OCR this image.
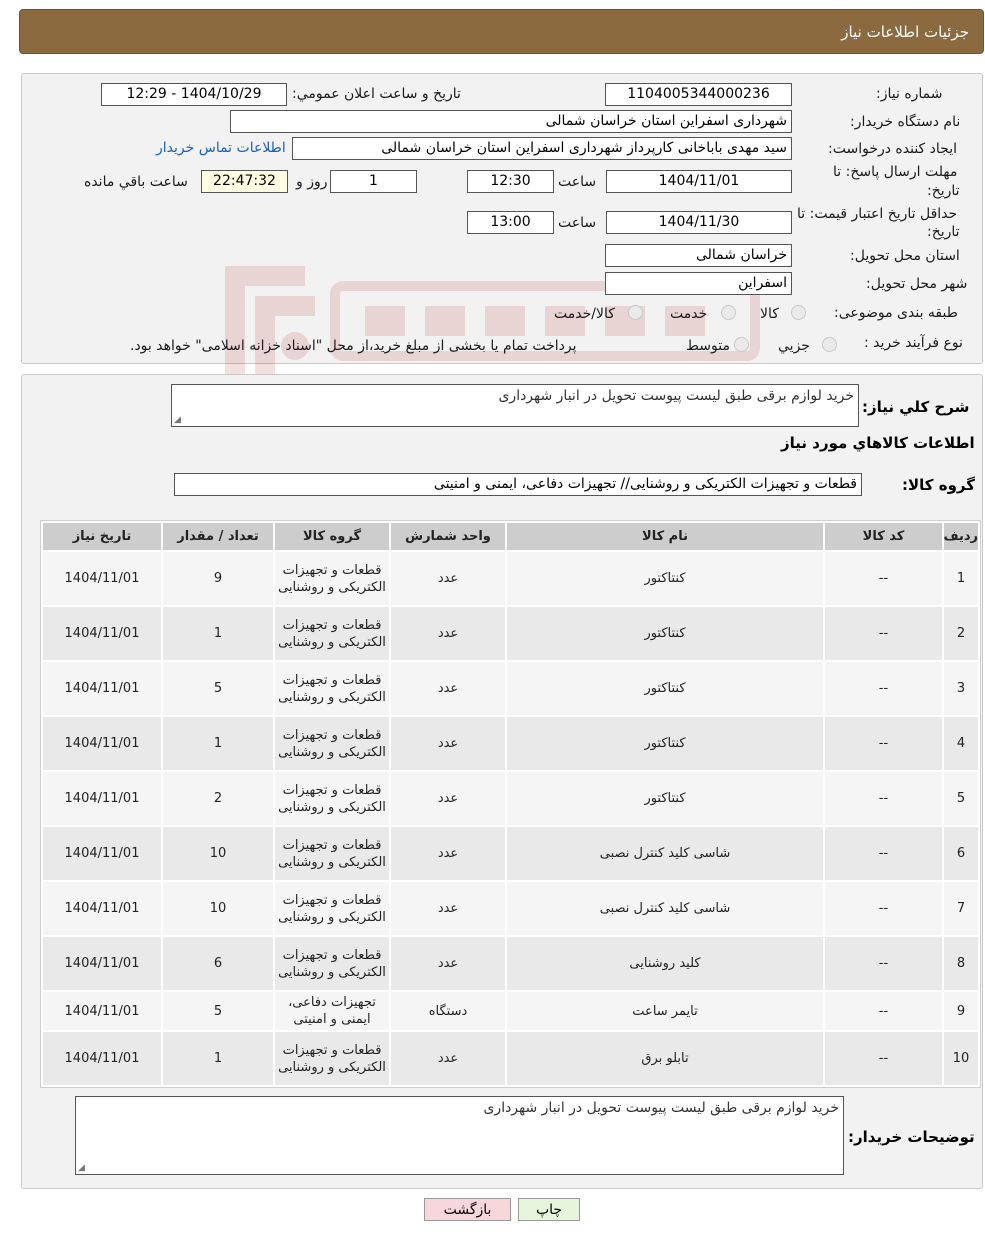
جزئیات اطلاعات نیاز
شماره نیاز:
1104005344000236
تاریخ و ساعت اعلان عمومي:
1404/10/29 - 12:29
نام دستگاه خریدار:
شهرداری اسفراین استان خراسان شمالی
ایجاد کننده درخواست:
سید مهدی باباخانی کارپرداز شهرداری اسفراین استان خراسان شمالی
اطلاعات تماس خریدار
مهلت ارسال پاسخ: تا
تاریخ:
1404/11/01
ساعت
12:30
1
روز و
22:47:32
ساعت باقي مانده
حداقل تاریخ اعتبار قیمت: تا
تاریخ:
1404/11/30
ساعت
13:00
استان محل تحویل:
خراسان شمالی
شهر محل تحویل:
اسفراین
طبقه بندی موضوعی:
کالا
خدمت
کالا/خدمت
نوع فرآیند خرید :
جزیي
متوسط
پرداخت تمام یا بخشی از مبلغ خرید،از محل "اسناد خزانه اسلامی" خواهد بود.
شرح کلي نياز:
خرید لوازم برقی طبق لیست پیوست تحویل در انبار شهرداری
◢
اطلاعات کالاهاي مورد نياز
گروه کالا:
قطعات و تجهیزات الکتریکی و روشنایی// تجهیزات دفاعی، ایمنی و امنیتی
ردیف	کد کالا	نام کالا	واحد شمارش	گروه کالا	تعداد / مقدار	تاریخ نیاز
1	--	کنتاکتور	عدد	قطعات و تجهیزات الکتریکی و روشنایی	9	1404/11/01
2	--	کنتاکتور	عدد	قطعات و تجهیزات الکتریکی و روشنایی	1	1404/11/01
3	--	کنتاکتور	عدد	قطعات و تجهیزات الکتریکی و روشنایی	5	1404/11/01
4	--	کنتاکتور	عدد	قطعات و تجهیزات الکتریکی و روشنایی	1	1404/11/01
5	--	کنتاکتور	عدد	قطعات و تجهیزات الکتریکی و روشنایی	2	1404/11/01
6	--	شاسی کلید کنترل نصبی	عدد	قطعات و تجهیزات الکتریکی و روشنایی	10	1404/11/01
7	--	شاسی کلید کنترل نصبی	عدد	قطعات و تجهیزات الکتریکی و روشنایی	10	1404/11/01
8	--	کلید روشنایی	عدد	قطعات و تجهیزات الکتریکی و روشنایی	6	1404/11/01
9	--	تایمر ساعت	دستگاه	تجهیزات دفاعی، ایمنی و امنیتی	5	1404/11/01
10	--	تابلو برق	عدد	قطعات و تجهیزات الکتریکی و روشنایی	1	1404/11/01
توضیحات خریدار:
خرید لوازم برقی طبق لیست پیوست تحویل در انبار شهرداری
◢
چاپ
بازگشت
